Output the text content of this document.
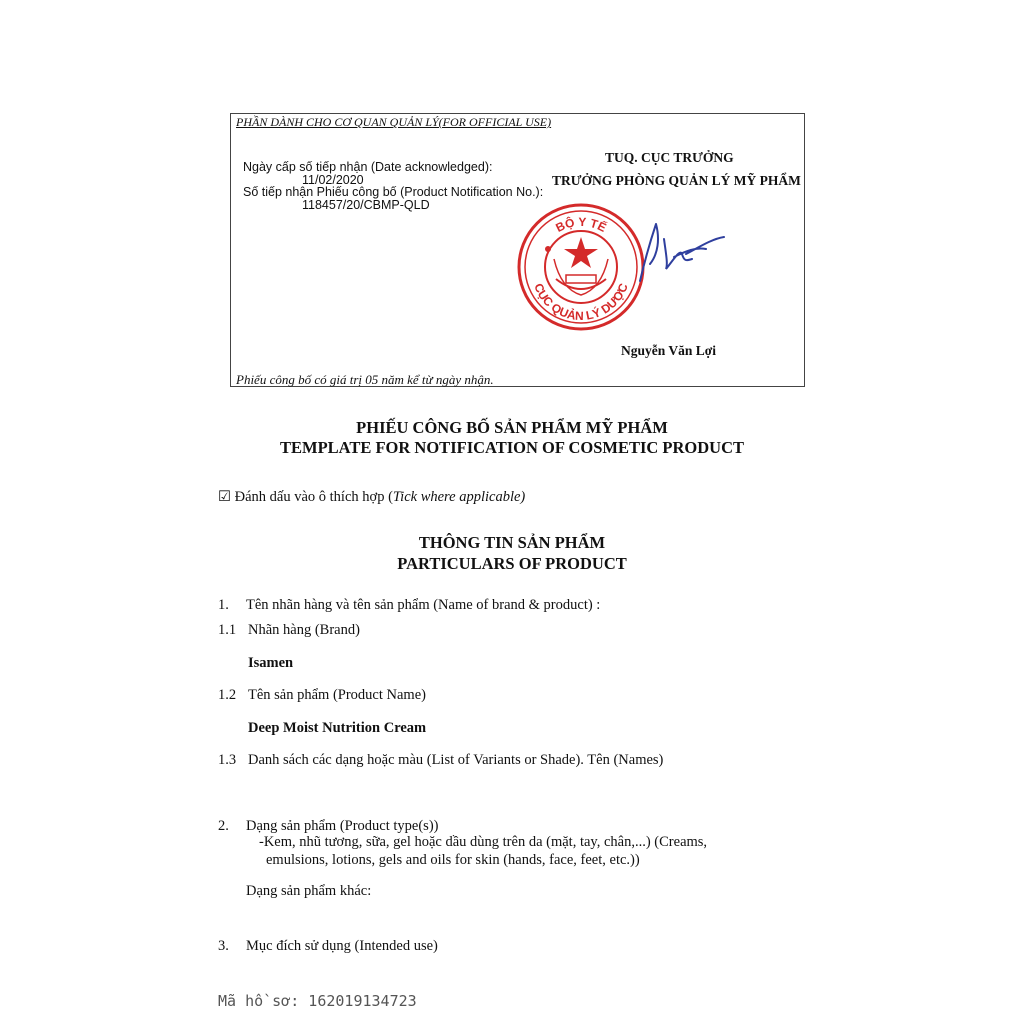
PHẦN DÀNH CHO CƠ QUAN QUẢN LÝ(FOR OFFICIAL USE)
Ngày cấp số tiếp nhận (Date acknowledged):
11/02/2020
Số tiếp nhận Phiếu công bố (Product Notification No.):
118457/20/CBMP-QLD
TUQ. CỤC TRƯỞNG
TRƯỞNG PHÒNG QUẢN LÝ MỸ PHẨM
BỘ Y TẾ
CỤC QUẢN LÝ DƯỢC
Nguyễn Văn Lợi
Phiếu công bố có giá trị 05 năm kể từ ngày nhận.
PHIẾU CÔNG BỐ SẢN PHẨM MỸ PHẨM
TEMPLATE FOR NOTIFICATION OF COSMETIC PRODUCT
☑ Đánh dấu vào ô thích hợp (Tick where applicable)
THÔNG TIN SẢN PHẨM
PARTICULARS OF PRODUCT
1. Tên nhãn hàng và tên sản phẩm (Name of brand & product) :
1.1 Nhãn hàng (Brand)
Isamen
1.2 Tên sản phẩm (Product Name)
Deep Moist Nutrition Cream
1.3 Danh sách các dạng hoặc màu (List of Variants or Shade). Tên (Names)
2. Dạng sản phẩm (Product type(s))
-Kem, nhũ tương, sữa, gel hoặc dầu dùng trên da (mặt, tay, chân,...) (Creams,
emulsions, lotions, gels and oils for skin (hands, face, feet, etc.))
Dạng sản phẩm khác:
3. Mục đích sử dụng (Intended use)
Mã hồ sơ: 162019134723
